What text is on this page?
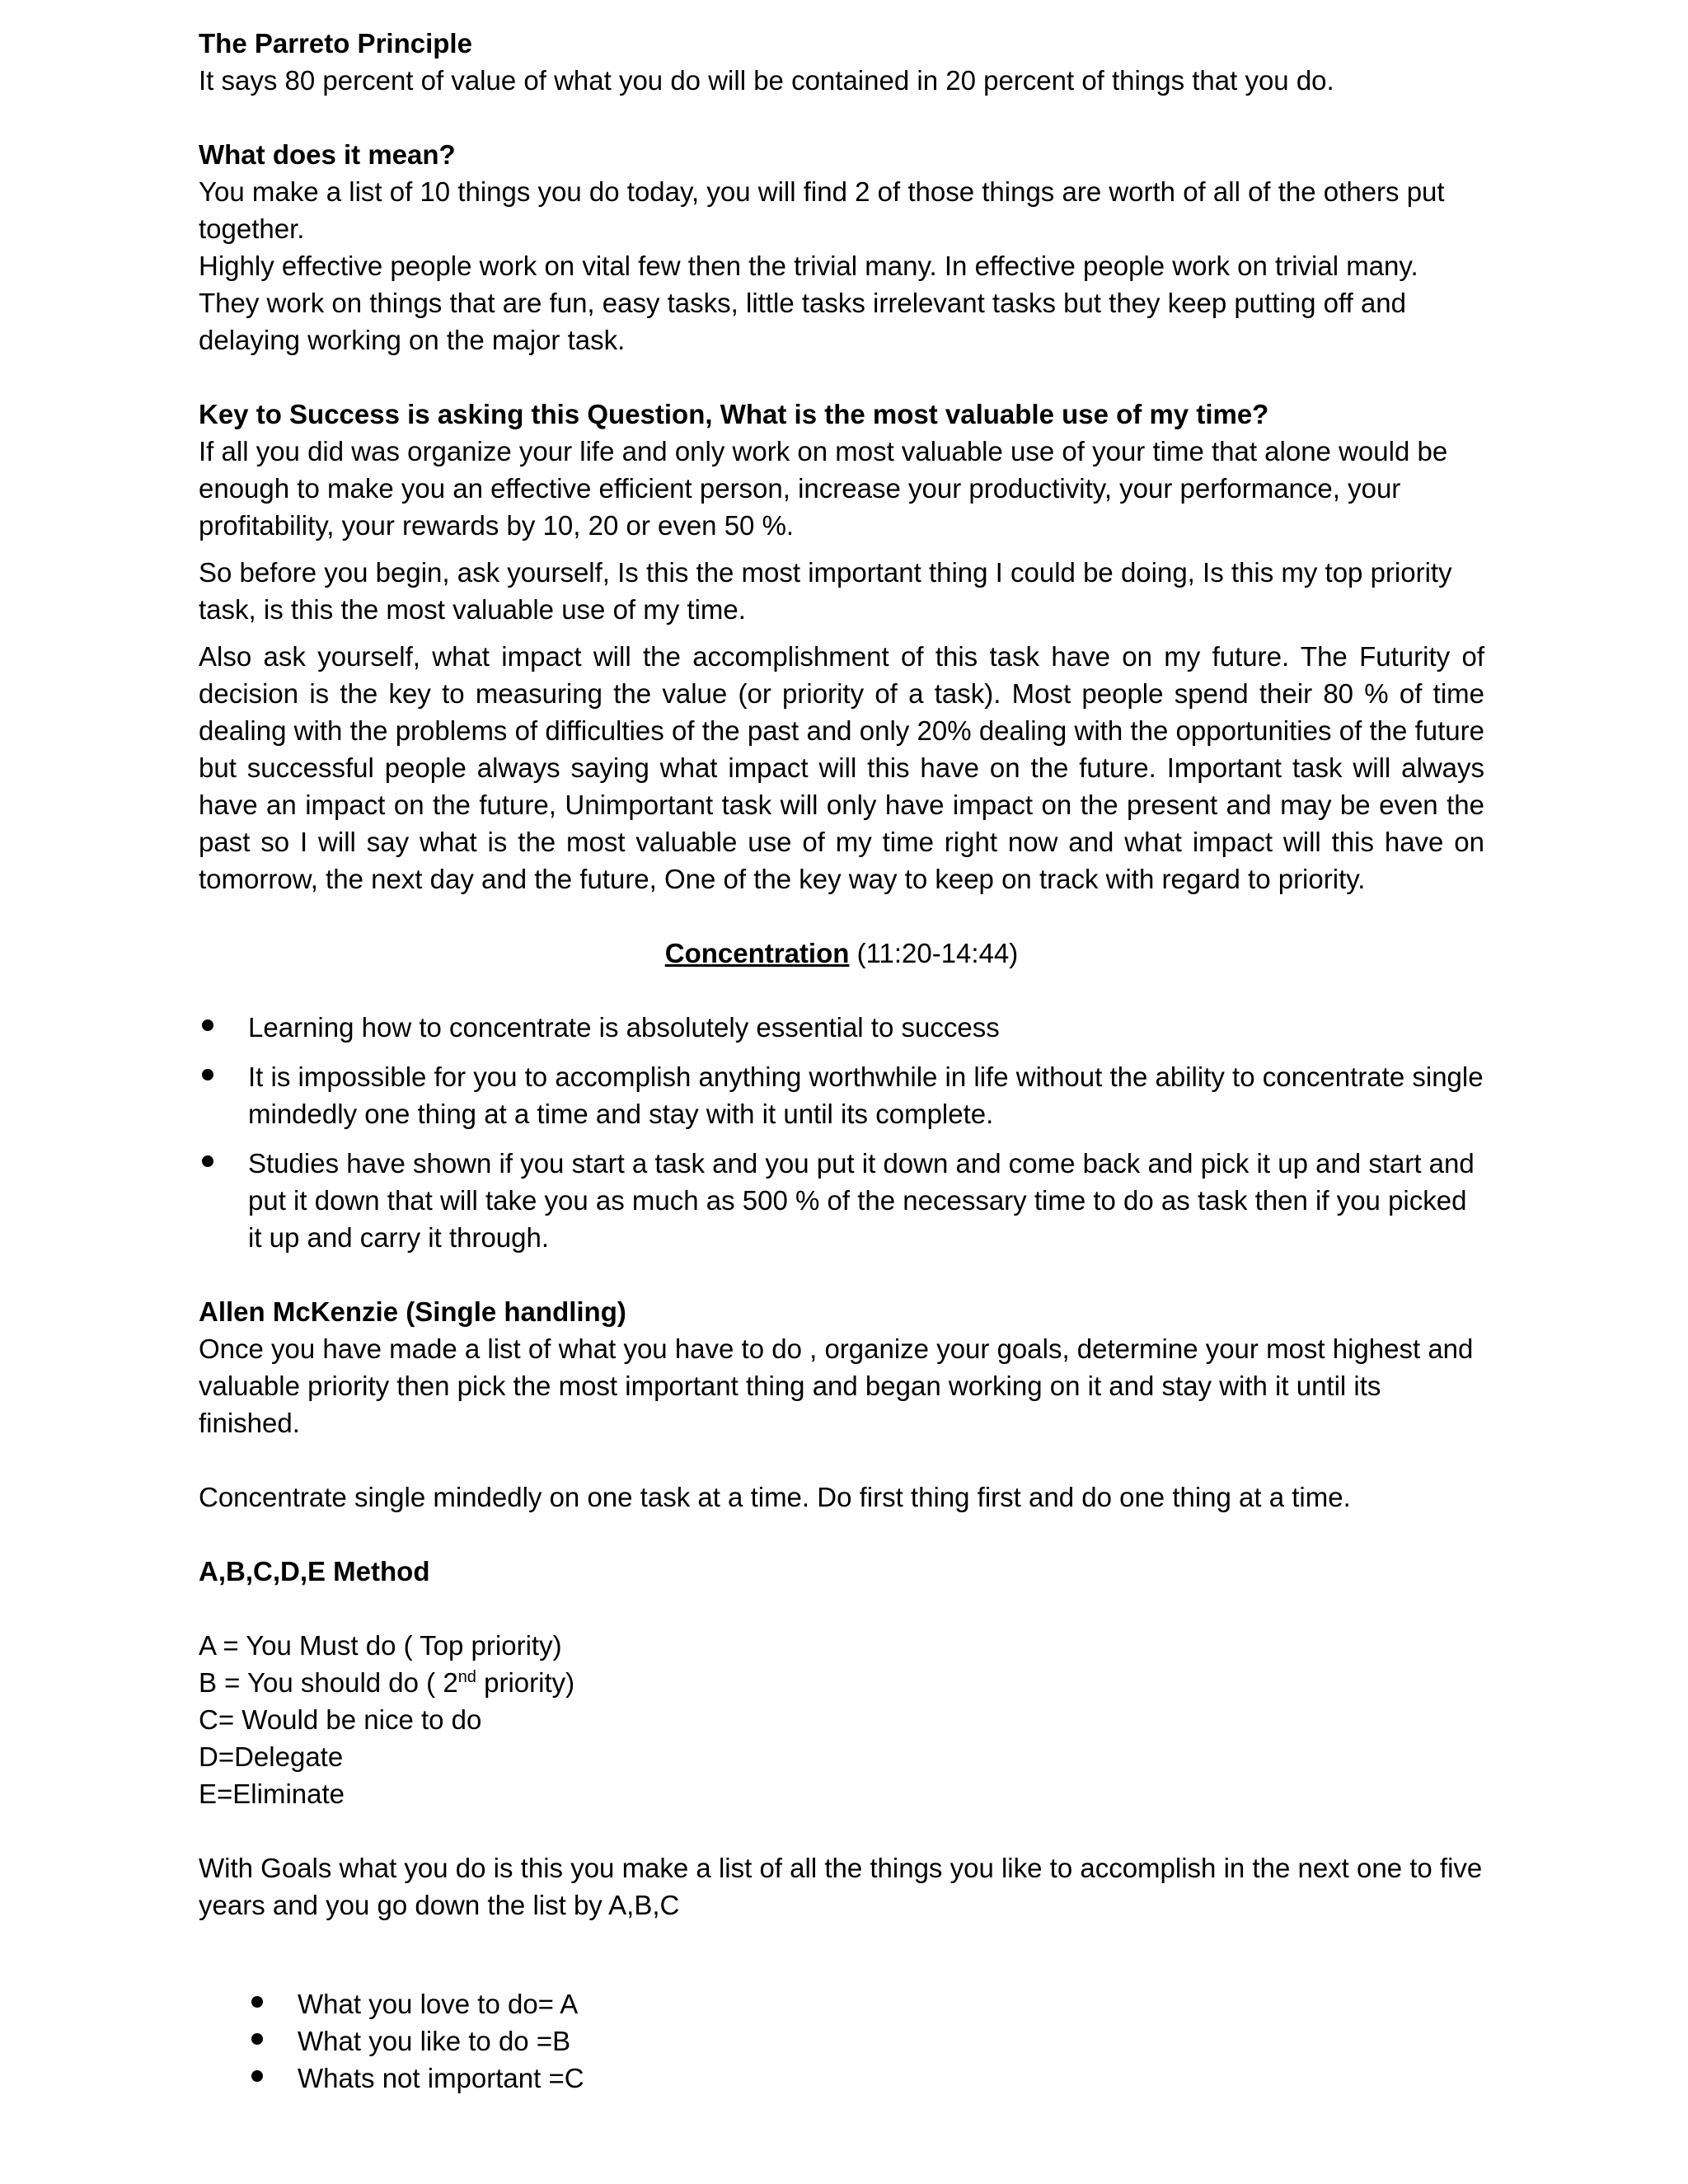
The Parreto Principle

It says 80 percent of value of what you do will be contained in 20 percent of things that you do.

What does it mean?

You make a list of 10 things you do today, you will find 2 of those things are worth of all of the others put together.

Highly effective people work on vital few then the trivial many. In effective people work on trivial many. They work on things that are fun, easy tasks, little tasks irrelevant tasks but they keep putting off and delaying working on the major task.

Key to Success is asking this Question, What is the most valuable use of my time?

If all you did was organize your life and only work on most valuable use of your time that alone would be enough to make you an effective efficient person, increase your productivity, your performance, your profitability, your rewards by 10, 20 or even 50 %.

So before you begin, ask yourself, Is this the most important thing I could be doing, Is this my top priority task, is this the most valuable use of my time.

Also ask yourself, what impact will the accomplishment of this task have on my future. The Futurity of decision is the key to measuring the value (or priority of a task). Most people spend their 80 % of time dealing with the problems of difficulties of the past and only 20% dealing with the opportunities of the future but successful people always saying what impact will this have on the future. Important task will always have an impact on the future, Unimportant task will only have impact on the present and may be even the past so I will say what is the most valuable use of my time right now and what impact will this have on tomorrow, the next day and the future, One of the key way to keep on track with regard to priority.

Concentration (11:20-14:44)

Learning how to concentrate is absolutely essential to success
It is impossible for you to accomplish anything worthwhile in life without the ability to concentrate single mindedly one thing at a time and stay with it until its complete.
Studies have shown if you start a task and you put it down and come back and pick it up and start and put it down that will take you as much as 500 % of the necessary time to do as task then if you picked it up and carry it through.

Allen McKenzie (Single handling)

Once you have made a list of what you have to do , organize your goals, determine your most highest and valuable priority then pick the most important thing and began working on it and stay with it until its finished.

Concentrate single mindedly on one task at a time. Do first thing first and do one thing at a time.

A,B,C,D,E Method

A = You Must do ( Top priority)

B = You should do ( 2nd priority)

C= Would be nice to do

D=Delegate

E=Eliminate

With Goals what you do is this you make a list of all the things you like to accomplish in the next one to five years and you go down the list by A,B,C

What you love to do= A
What you like to do =B
Whats not important =C
